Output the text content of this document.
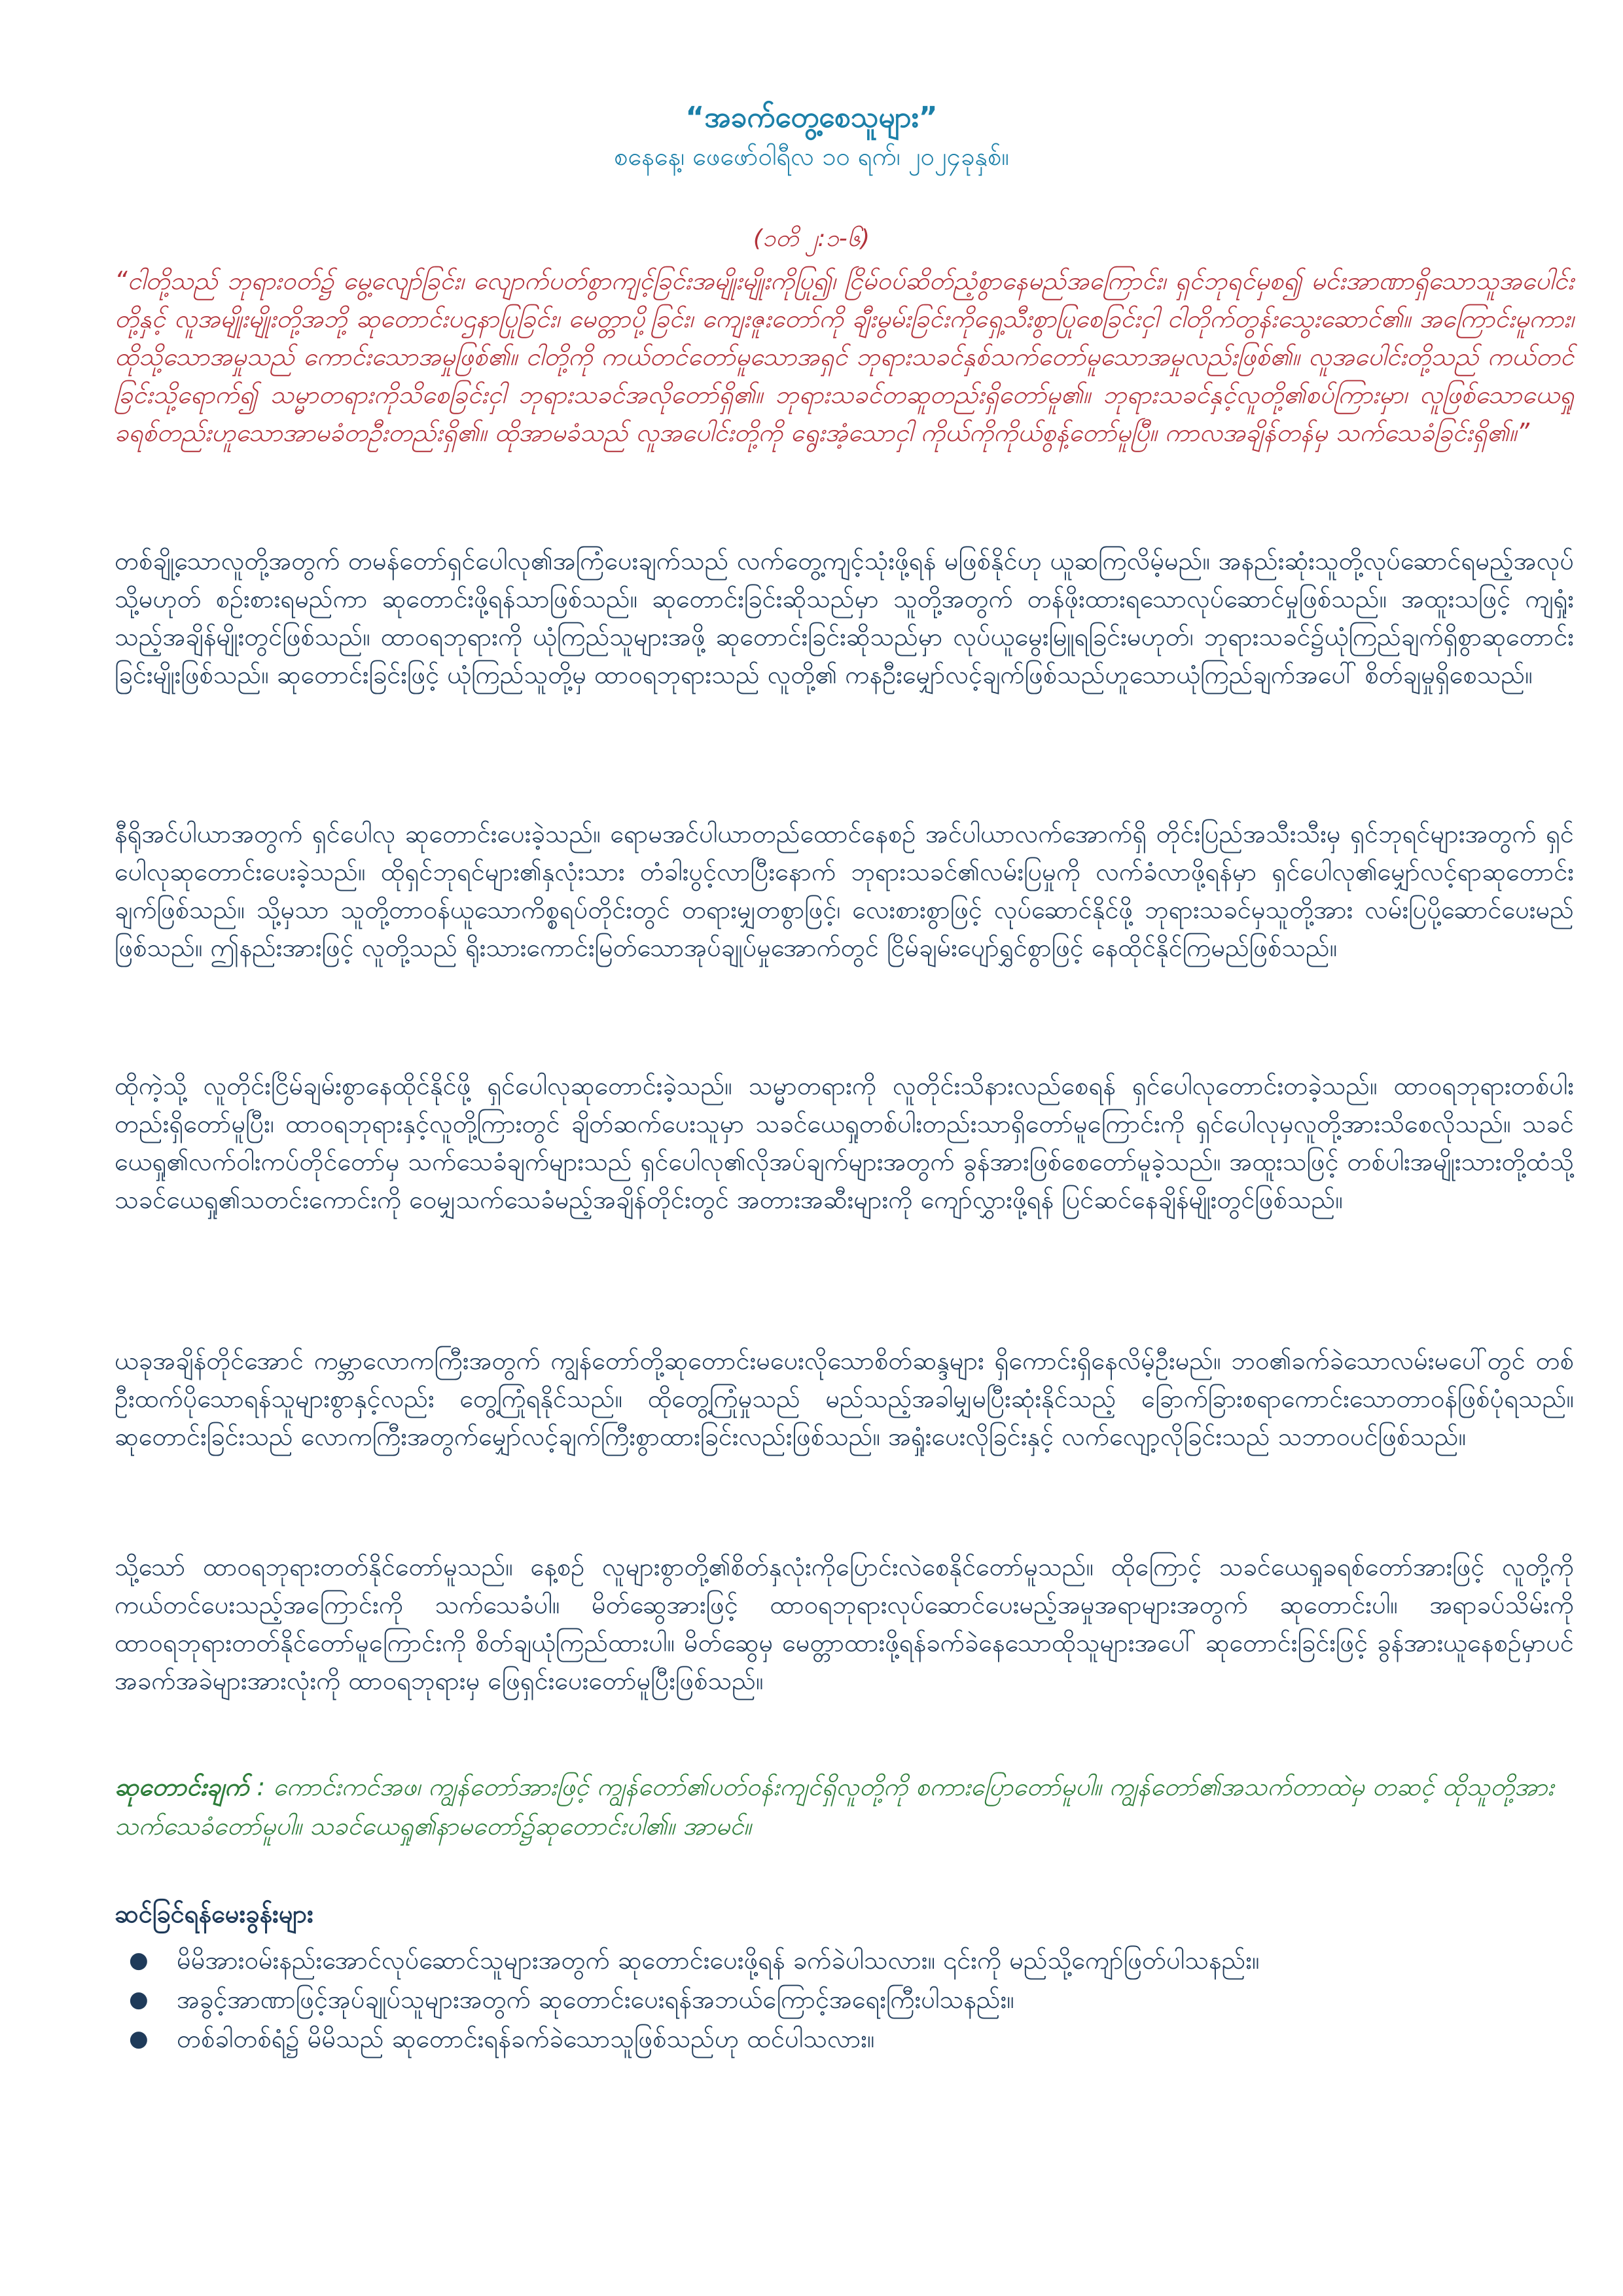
“အခက်တွေ့စေသူများ”
စနေနေ့၊ ဖေဖော်ဝါရီလ ၁၀ ရက်၊ ၂၀၂၄ခုနှစ်။
(၁တိ ၂:၁-၆)
“ငါတို့သည် ဘုရားဝတ်၌ မွေ့လျော်ခြင်း၊ လျောက်ပတ်စွာကျင့်ခြင်းအမျိုးမျိုးကိုပြု၍၊ ငြိမ်ဝပ်ဆိတ်ညံ့စွာနေမည်အကြောင်း၊ ရှင်ဘုရင်မှစ၍ မင်းအာဏာရှိသောသူအပေါင်းတို့နှင့် လူအမျိုးမျိုးတို့အဘို့ ဆုတောင်းပဌနာပြုခြင်း၊ မေတ္တာပို့ခြင်း၊ ကျေးဇူးတော်ကို ချီးမွမ်းခြင်းကိုရှေ့သီးစွာပြုစေခြင်းငှါ ငါတိုက်တွန်းသွေးဆောင်၏။ အကြောင်းမူကား၊ ထိုသို့သောအမှုသည် ကောင်းသောအမှုဖြစ်၏။ ငါတို့ကို ကယ်တင်တော်မူသောအရှင် ဘုရားသခင်နှစ်သက်တော်မူသောအမှုလည်းဖြစ်၏။ လူအပေါင်းတို့သည် ကယ်တင်ခြင်းသို့ရောက်၍ သမ္မာတရားကိုသိစေခြင်းငှါ ဘုရားသခင်အလိုတော်ရှိ၏။ ဘုရားသခင်တဆူတည်းရှိတော်မူ၏။ ဘုရားသခင်နှင့်လူတို့၏စပ်ကြားမှာ၊ လူဖြစ်သောယေရှုခရစ်တည်းဟူသောအာမခံတဦးတည်းရှိ၏။ ထိုအာမခံသည် လူအပေါင်းတို့ကို ရွေးအံ့သောငှါ ကိုယ်ကိုကိုယ်စွန့်တော်မူပြီ။ ကာလအချိန်တန်မှ သက်သေခံခြင်းရှိ၏။”
တစ်ချို့သောလူတို့အတွက် တမန်တော်ရှင်ပေါလု၏အကြံပေးချက်သည် လက်တွေ့ကျင့်သုံးဖို့ရန် မဖြစ်နိုင်ဟု ယူဆကြလိမ့်မည်။ အနည်းဆုံးသူတို့လုပ်ဆောင်ရမည့်အလုပ် သို့မဟုတ် စဉ်းစားရမည်ကာ ဆုတောင်းဖို့ရန်သာဖြစ်သည်။ ဆုတောင်းခြင်းဆိုသည်မှာ သူတို့အတွက် တန်ဖိုးထားရသောလုပ်ဆောင်မှုဖြစ်သည်။ အထူးသဖြင့် ကျရှုံးသည့်အချိန်မျိုးတွင်ဖြစ်သည်။ ထာဝရဘုရားကို ယုံကြည်သူများအဖို့ ဆုတောင်းခြင်းဆိုသည်မှာ လုပ်ယူမွေးမြူရခြင်းမဟုတ်၊ ဘုရားသခင်၌ယုံကြည်ချက်ရှိစွာဆုတောင်းခြင်းမျိုးဖြစ်သည်။ ဆုတောင်းခြင်းဖြင့် ယုံကြည်သူတို့မှ ထာဝရဘုရားသည် လူတို့၏ ကနဦးမျှော်လင့်ချက်ဖြစ်သည်ဟူသောယုံကြည်ချက်အပေါ် စိတ်ချမှုရှိစေသည်။
နီရိုအင်ပါယာအတွက် ရှင်ပေါလု ဆုတောင်းပေးခဲ့သည်။ ရောမအင်ပါယာတည်ထောင်နေစဉ် အင်ပါယာလက်အောက်ရှိ တိုင်းပြည်အသီးသီးမှ ရှင်ဘုရင်များအတွက် ရှင်ပေါလုဆုတောင်းပေးခဲ့သည်။ ထိုရှင်ဘုရင်များ၏နှလုံးသား တံခါးပွင့်လာပြီးနောက် ဘုရားသခင်၏လမ်းပြမှုကို လက်ခံလာဖို့ရန်မှာ ရှင်ပေါလု၏မျှော်လင့်ရာဆုတောင်းချက်ဖြစ်သည်။ သို့မှသာ သူတို့တာဝန်ယူသောကိစ္စရပ်တိုင်းတွင် တရားမျှတစွာဖြင့်၊ လေးစားစွာဖြင့် လုပ်ဆောင်နိုင်ဖို့ ဘုရားသခင်မှသူတို့အား လမ်းပြပို့ဆောင်ပေးမည်ဖြစ်သည်။ ဤနည်းအားဖြင့် လူတို့သည် ရိုးသားကောင်းမြတ်သောအုပ်ချုပ်မှုအောက်တွင် ငြိမ်ချမ်းပျော်ရွှင်စွာဖြင့် နေထိုင်နိုင်ကြမည်ဖြစ်သည်။
ထိုကဲ့သို့ လူတိုင်းငြိမ်ချမ်းစွာနေထိုင်နိုင်ဖို့ ရှင်ပေါလုဆုတောင်းခဲ့သည်။ သမ္မာတရားကို လူတိုင်းသိနားလည်စေရန် ရှင်ပေါလုတောင်းတခဲ့သည်။ ထာဝရဘုရားတစ်ပါးတည်းရှိတော်မူပြီး၊ ထာဝရဘုရားနှင့်လူတို့ကြားတွင် ချိတ်ဆက်ပေးသူမှာ သခင်ယေရှုတစ်ပါးတည်းသာရှိတော်မူကြောင်းကို ရှင်ပေါလုမှလူတို့အားသိစေလိုသည်။ သခင်ယေရှု၏လက်ဝါးကပ်တိုင်တော်မှ သက်သေခံချက်များသည် ရှင်ပေါလု၏လိုအပ်ချက်များအတွက် ခွန်အားဖြစ်စေတော်မူခဲ့သည်။ အထူးသဖြင့် တစ်ပါးအမျိုးသားတို့ထံသို့ သခင်ယေရှု၏သတင်းကောင်းကို ဝေမျှသက်သေခံမည့်အချိန်တိုင်းတွင် အတားအဆီးများကို ကျော်လွှားဖို့ရန် ပြင်ဆင်နေချိန်မျိုးတွင်ဖြစ်သည်။
ယခုအချိန်တိုင်အောင် ကမ္ဘာလောကကြီးအတွက် ကျွန်တော်တို့ဆုတောင်းမပေးလိုသောစိတ်ဆန္ဒများ ရှိကောင်းရှိနေလိမ့်ဦးမည်။ ဘဝ၏ခက်ခဲသောလမ်းမပေါ်တွင် တစ်ဦးထက်ပိုသောရန်သူများစွာနှင့်လည်း တွေ့ကြုံရနိုင်သည်။ ထိုတွေ့ကြုံမှုသည် မည်သည့်အခါမျှမပြီးဆုံးနိုင်သည့် ခြောက်ခြားစရာကောင်းသောတာဝန်ဖြစ်ပုံရသည်။ ဆုတောင်းခြင်းသည် လောကကြီးအတွက်မျှော်လင့်ချက်ကြီးစွာထားခြင်းလည်းဖြစ်သည်။ အရှုံးပေးလိုခြင်းနှင့် လက်လျော့လိုခြင်းသည် သဘာဝပင်ဖြစ်သည်။
သို့သော် ထာဝရဘုရားတတ်နိုင်တော်မူသည်။ နေ့စဉ် လူများစွာတို့၏စိတ်နှလုံးကိုပြောင်းလဲစေနိုင်တော်မူသည်။ ထိုကြောင့် သခင်ယေရှုခရစ်တော်အားဖြင့် လူတို့ကိုကယ်တင်ပေးသည့်အကြောင်းကို သက်သေခံပါ။ မိတ်ဆွေအားဖြင့် ထာဝရဘုရားလုပ်ဆောင်ပေးမည့်အမှုအရာများအတွက် ဆုတောင်းပါ။ အရာခပ်သိမ်းကို ထာဝရဘုရားတတ်နိုင်တော်မူကြောင်းကို စိတ်ချယုံကြည်ထားပါ။ မိတ်ဆွေမှ မေတ္တာထားဖို့ရန်ခက်ခဲနေသောထိုသူများအပေါ် ဆုတောင်းခြင်းဖြင့် ခွန်အားယူနေစဉ်မှာပင် အခက်အခဲများအားလုံးကို ထာဝရဘုရားမှ ဖြေရှင်းပေးတော်မူပြီးဖြစ်သည်။
ဆုတောင်းချက် : ကောင်းကင်အဖ၊ ကျွန်တော်အားဖြင့် ကျွန်တော်၏ပတ်ဝန်းကျင်ရှိလူတို့ကို စကားပြောတော်မူပါ။ ကျွန်တော်၏အသက်တာထဲမှ တဆင့် ထိုသူတို့အား သက်သေခံတော်မူပါ။ သခင်ယေရှု၏နာမတော်၌ဆုတောင်းပါ၏။ အာမင်။
ဆင်ခြင်ရန်မေးခွန်းများ
● မိမိအားဝမ်းနည်းအောင်လုပ်ဆောင်သူများအတွက် ဆုတောင်းပေးဖို့ရန် ခက်ခဲပါသလား။ ၎င်းကို မည်သို့ကျော်ဖြတ်ပါသနည်း။
● အခွင့်အာဏာဖြင့်အုပ်ချုပ်သူများအတွက် ဆုတောင်းပေးရန်အဘယ်ကြောင့်အရေးကြီးပါသနည်း။
● တစ်ခါတစ်ရံ၌ မိမိသည် ဆုတောင်းရန်ခက်ခဲသောသူဖြစ်သည်ဟု ထင်ပါသလား။
